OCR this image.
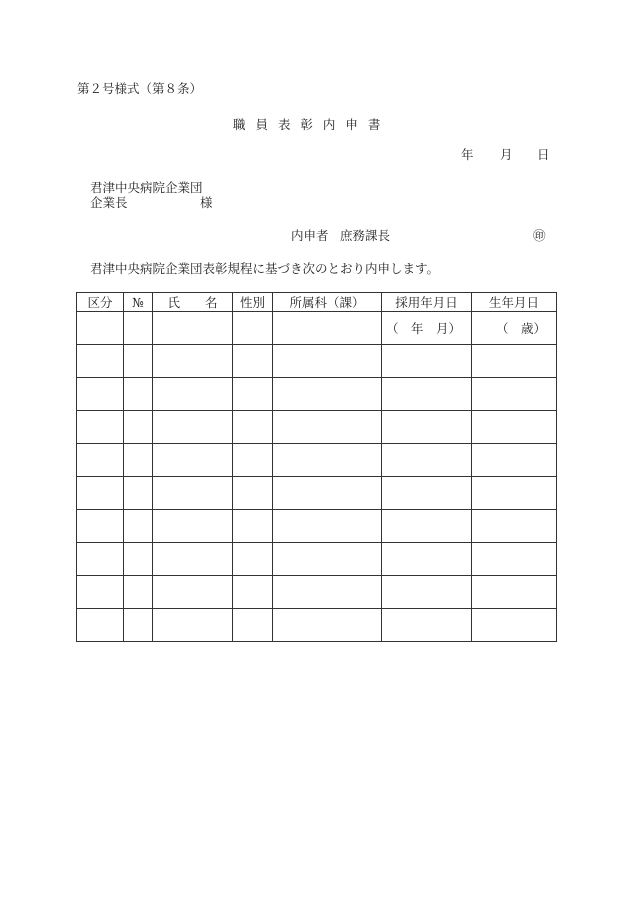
第２号様式（第８条）
職 員 表 彰 内 申 書
年 月 日
君津中央病院企業団
企業長	様
内申者 庶務課長	㊞
君津中央病院企業団表彰規程に基づき次のとおり内申します。
区分	№	氏　　名	性別	所属科（課）	採用年月日	生年月日
					（　年　月）	（　歳）
